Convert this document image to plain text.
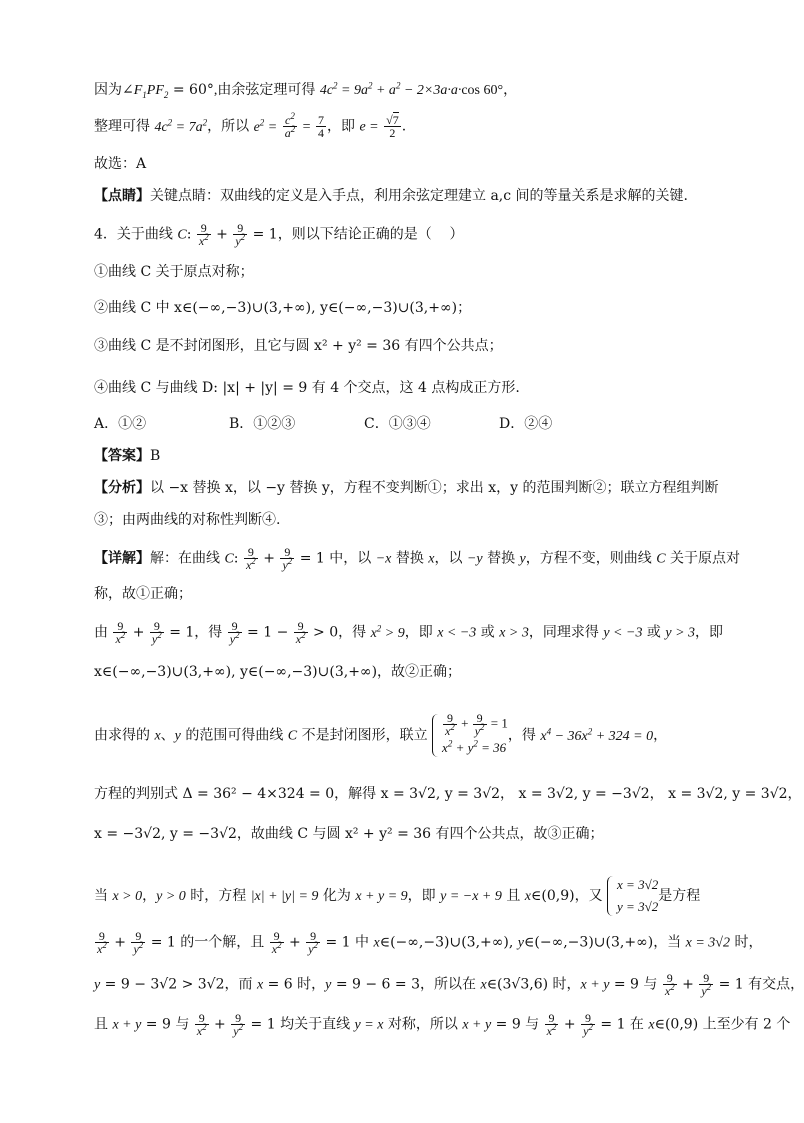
因为$\angle F_1PF_2 = 60^\circ$,由余弦定理可得 $4c^2 = 9a^2 + a^2 - 2\times 3a\cdot a\cdot\cos$ 60°，
整理可得 $4c^2 = 7a^2$，所以 $e^2 = \frac{c^2}{a^2} = \frac{7}{4}$ ，即 $e = \frac{√7}{2}$ .
故选：A
【点睛】关键点睛：双曲线的定义是入手点，利用余弦定理建立 a,c 间的等量关系是求解的关键.
4．关于曲线 C: $\frac{9}{x^2} + \frac{9}{y^2} = 1$，则以下结论正确的是（    ）
①曲线 C 关于原点对称；
②曲线 C 中 x∈(−∞,−3)∪(3,+∞), y∈(−∞,−3)∪(3,+∞)；
③曲线 C 是不封闭图形，且它与圆 x² + y² = 36 有四个公共点；
④曲线 C 与曲线 D: |x| + |y| = 9 有 4 个交点，这 4 点构成正方形.
A．①②	B．①②③	C．①③④	D．②④
【答案】B
【分析】以 −x 替换 x，以 −y 替换 y，方程不变判断①；求出 x，y 的范围判断②；联立方程组判断
③；由两曲线的对称性判断④.
【详解】解：在曲线 C: $\frac{9}{x^2} + \frac{9}{y^2} = 1$ 中，以 −x 替换 x，以 −y 替换 y，方程不变，则曲线 C 关于原点对
称，故①正确；
由 $\frac{9}{x^2} + \frac{9}{y^2} = 1$，得 $\frac{9}{y^2} = 1 - \frac{9}{x^2} > 0$，得 $x^2 > 9$，即 x < −3 或 x > 3，同理求得 y < −3 或 y > 3，即
x∈(−∞,−3)∪(3,+∞), y∈(−∞,−3)∪(3,+∞)，故②正确；
由求得的 x、y 的范围可得曲线 C 不是封闭图形，联立 $\frac{9}{x^2} + \frac{9}{y^2} = 1$
$x^2 + y^2 = 36$
，得 $x^4 - 36x^2 + 324 = 0$，
方程的判别式 Δ = 36² − 4×324 = 0，解得 x = 3√2, y = 3√2， x = 3√2, y = −3√2， x = 3√2, y = 3√2，
x = −3√2, y = −3√2，故曲线 C 与圆 x² + y² = 36 有四个公共点，故③正确；
当 x > 0，y > 0 时，方程 |x| + |y| = 9 化为 x + y = 9，即 y = −x + 9 且 x∈(0,9)，又
x = 3√2
y = 3√2
是方程
$\frac{9}{x^2} + \frac{9}{y^2} = 1$ 的一个解，且 $\frac{9}{x^2} + \frac{9}{y^2} = 1$ 中 x∈(−∞,−3)∪(3,+∞), y∈(−∞,−3)∪(3,+∞)，当 x = 3√2 时，
y = 9 − 3√2 > 3√2，而 x = 6 时，y = 9 − 6 = 3，所以在 x∈(3√3,6) 时，x + y = 9 与 $\frac{9}{x^2} + \frac{9}{y^2} = 1$ 有交点，
且 x + y = 9 与 $\frac{9}{x^2} + \frac{9}{y^2} = 1$ 均关于直线 y = x 对称，所以 x + y = 9 与 $\frac{9}{x^2} + \frac{9}{y^2} = 1$ 在 x∈(0,9) 上至少有 2 个
